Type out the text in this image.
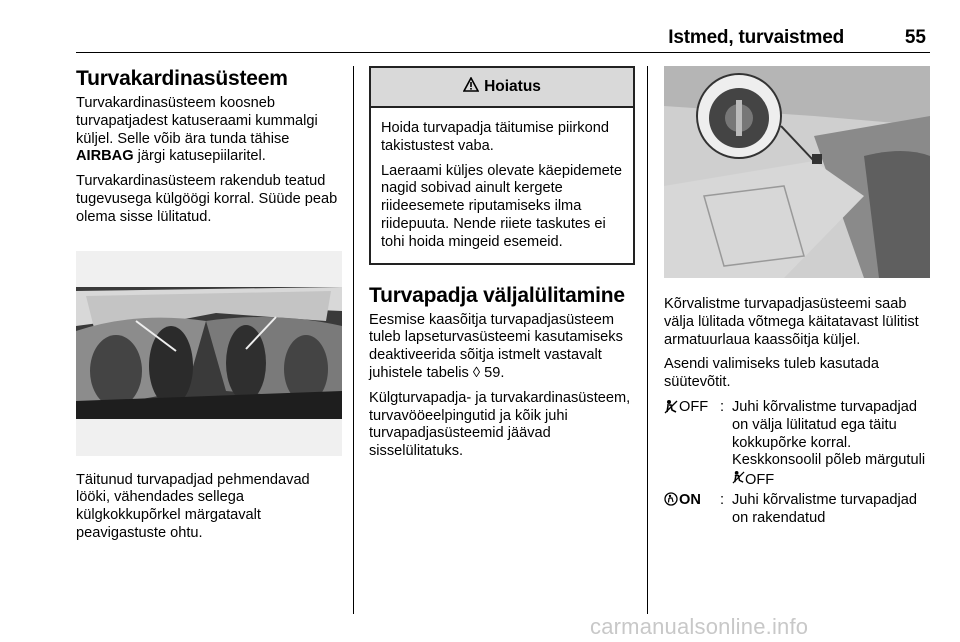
Istmed, turvaistmed	55
Turvakardinasüsteem
Turvakardinasüsteem koosneb turvapatjadest katuseraami kummalgi küljel. Selle võib ära tunda tähise AIRBAG järgi katusepiilaritel.
Turvakardinasüsteem rakendub teatud tugevusega külgöögi korral. Süüde peab olema sisse lülitatud.
Täitunud turvapadjad pehmendavad lööki, vähendades sellega külgkokkupõrkel märgatavalt peavigastuste ohtu.
Hoiatus
Hoida turvapadja täitumise piirkond takistustest vaba.
Laeraami küljes olevate käepidemete nagid sobivad ainult kergete riideesemete riputamiseks ilma riidepuuta. Nende riiete taskutes ei tohi hoida mingeid esemeid.
Turvapadja väljalülitamine
Eesmise kaasõitja turvapadjasüsteem tuleb lapseturvasüsteemi kasutamiseks deaktiveerida sõitja istmelt vastavalt juhistele tabelis ◊ 59.
Külgturvapadja- ja turvakardinasüsteem, turvavööeelpingutid ja kõik juhi turvapadjasüsteemid jäävad sisselülitatuks.
Kõrvalistme turvapadjasüsteemi saab välja lülitada võtmega käitatavast lülitist armatuurlaua kaassõitja küljel.
Asendi valimiseks tuleb kasutada süütevõtit.
OFF : Juhi kõrvalistme turvapadjad on välja lülitatud ega täitu kokkupõrke korral. Keskkonsoolil põleb märgutuli OFF
ON : Juhi kõrvalistme turvapadjad on rakendatud
carmanualsonline.info
